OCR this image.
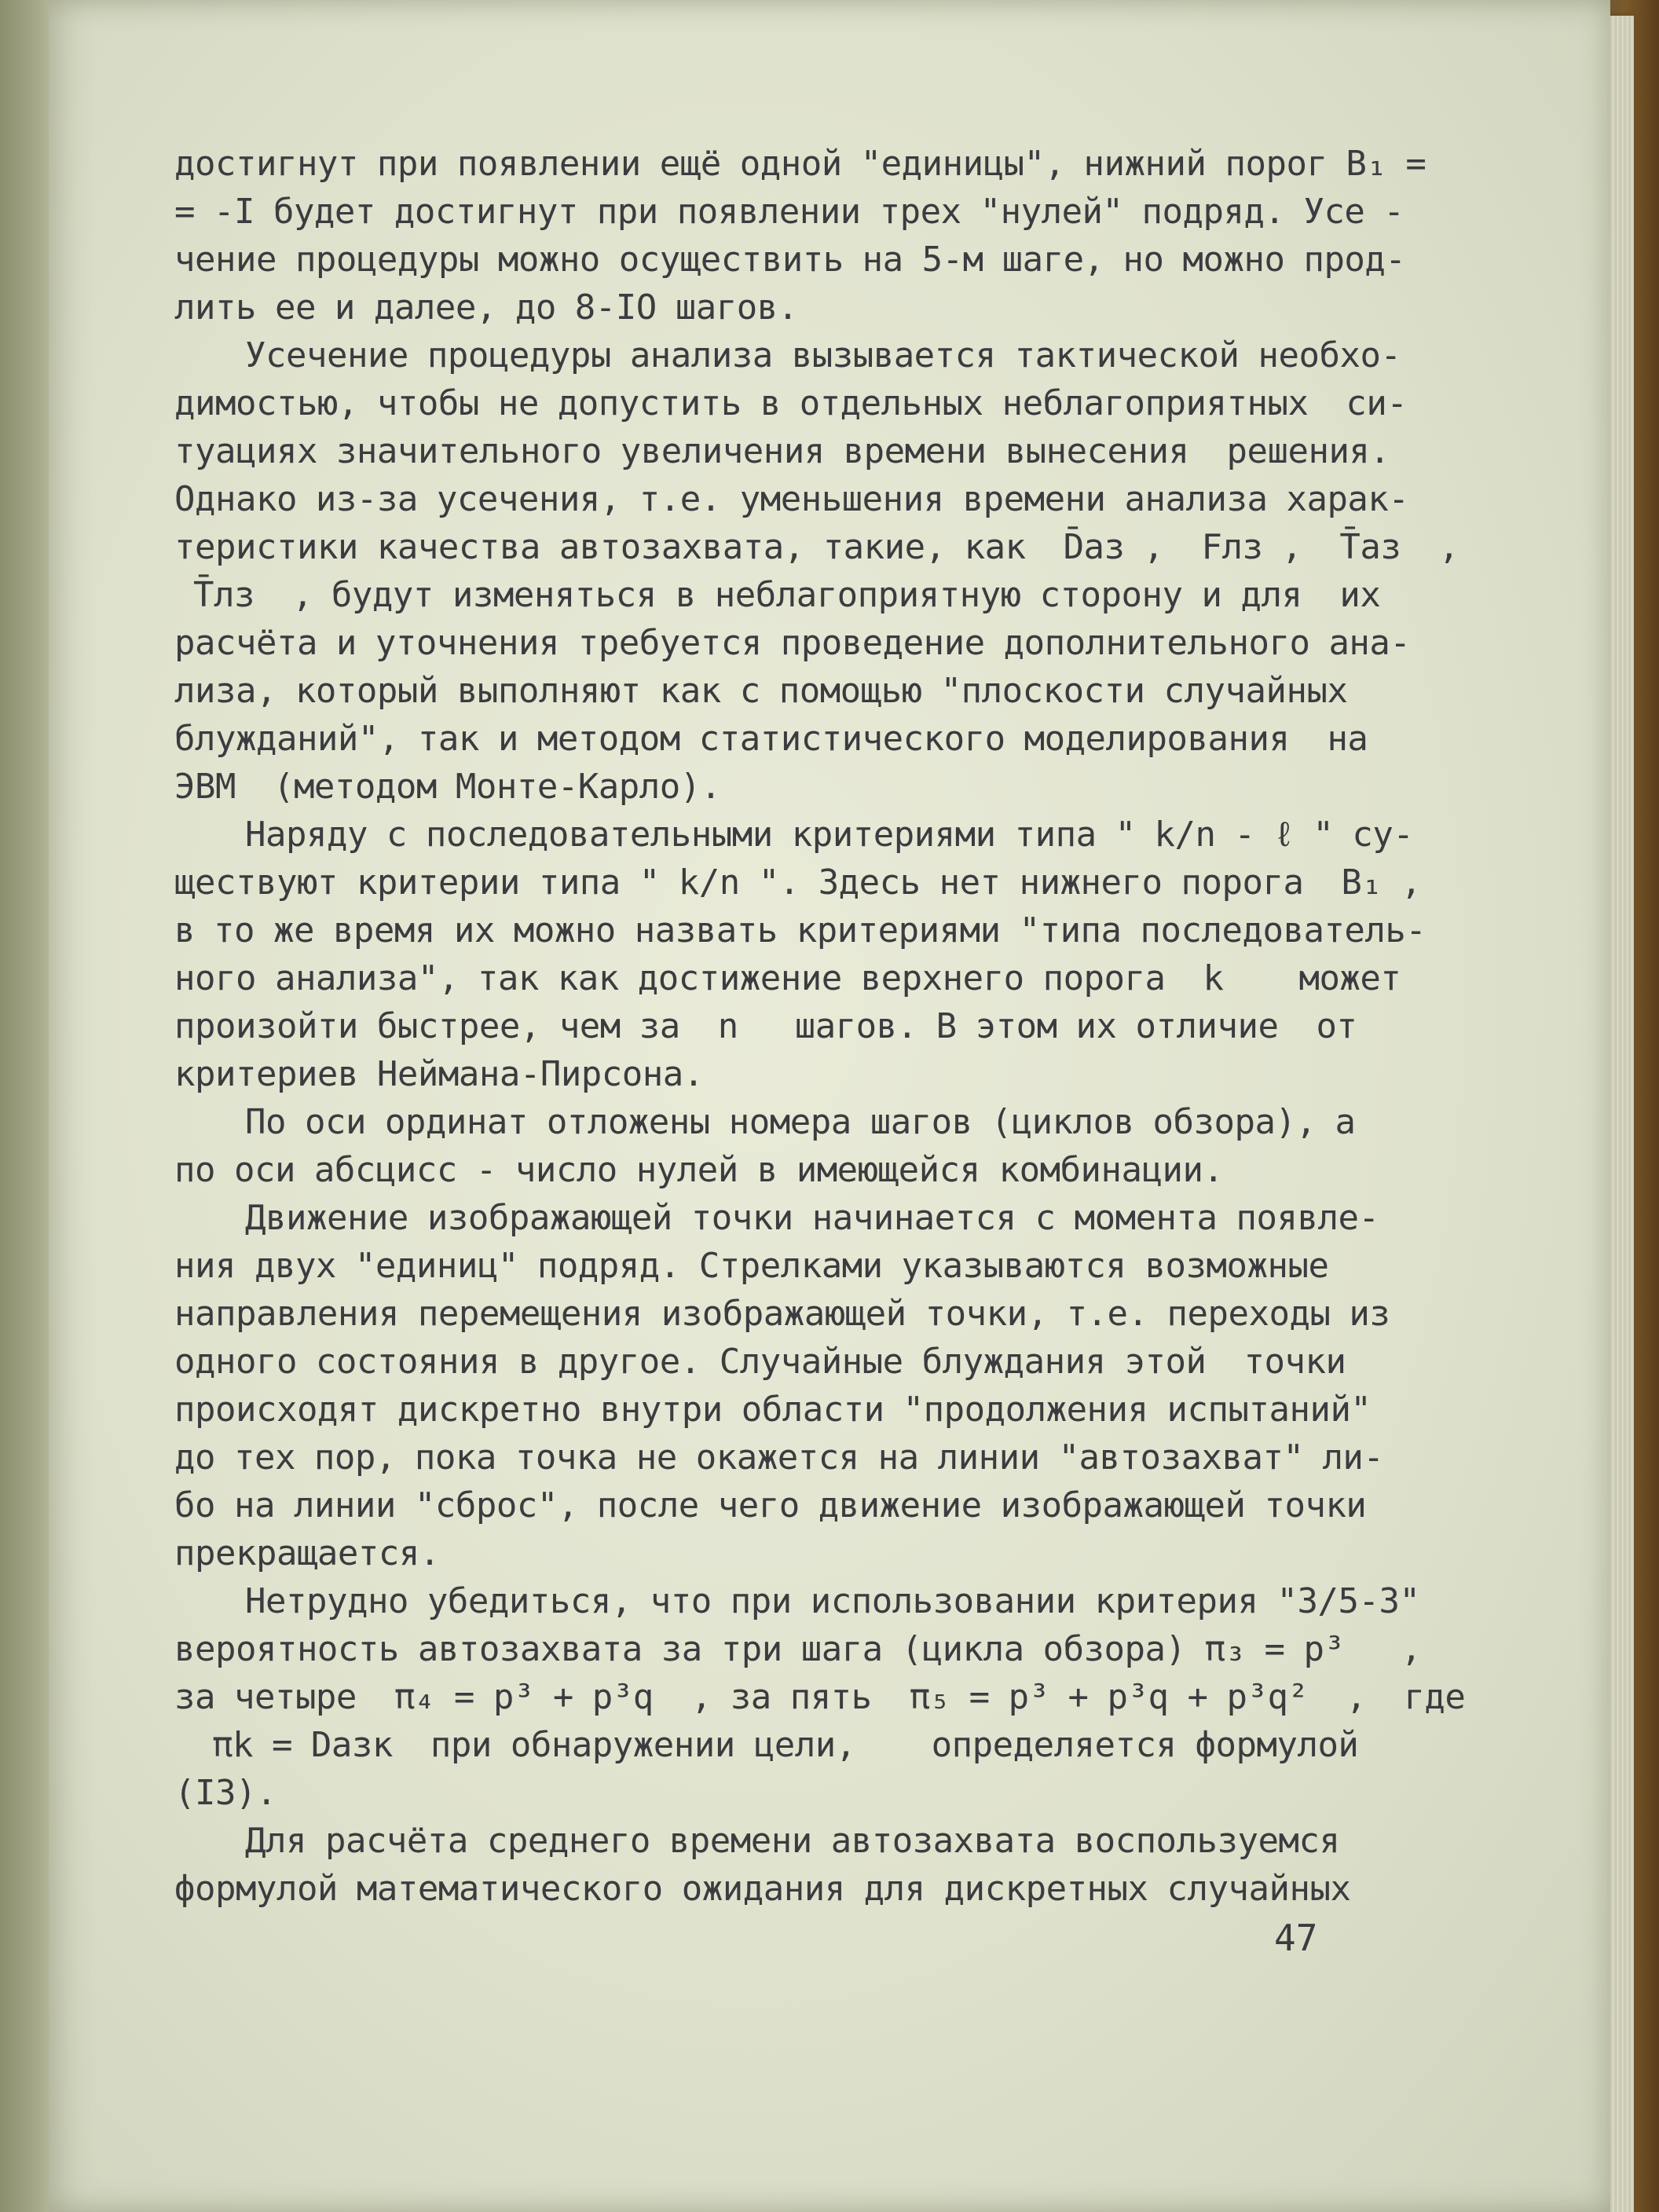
достигнут при появлении ещё одной "единицы", нижний порог B₁ =
= -I будет достигнут при появлении трех "нулей" подряд. Усе -
чение процедуры можно осуществить на 5-м шаге, но можно прод-
лить ее и далее, до 8-IO шагов.
Усечение процедуры анализа вызывается тактической необхо-
димостью, чтобы не допустить в отдельных неблагоприятных  си-
туациях значительного увеличения времени вынесения  решения.
Однако из-за усечения, т.е. уменьшения времени анализа харак-
теристики качества автозахвата, такие, как  D̄аз ,  Fлз ,  T̄аз  ,
T̄лз  , будут изменяться в неблагоприятную сторону и для  их
расчёта и уточнения требуется проведение дополнительного ана-
лиза, который выполняют как с помощью "плоскости случайных
блужданий", так и методом статистического моделирования  на
ЭВМ  (методом Монте-Карло).
Наряду с последовательными критериями типа " k/n - ℓ " су-
ществуют критерии типа " k/n ". Здесь нет нижнего порога  B₁ ,
в то же время их можно назвать критериями "типа последователь-
ного анализа", так как достижение верхнего порога  k    может
произойти быстрее, чем за  n   шагов. В этом их отличие  от
критериев Неймана-Пирсона.
По оси ординат отложены номера шагов (циклов обзора), а
по оси абсцисс - число нулей в имеющейся комбинации.
Движение изображающей точки начинается с момента появле-
ния двух "единиц" подряд. Стрелками указываются возможные
направления перемещения изображающей точки, т.е. переходы из
одного состояния в другое. Случайные блуждания этой  точки
происходят дискретно внутри области "продолжения испытаний"
до тех пор, пока точка не окажется на линии "автозахват" ли-
бо на линии "сброс", после чего движение изображающей точки
прекращается.
Нетрудно убедиться, что при использовании критерия "3/5-3"
вероятность автозахвата за три шага (цикла обзора) π₃ = p³   ,
за четыре  π₄ = p³ + p³q  , за пять  π₅ = p³ + p³q + p³q²  ,  где
πk = Dазк  при обнаружении цели,    определяется формулой
(I3).
Для расчёта среднего времени автозахвата воспользуемся
формулой математического ожидания для дискретных случайных
47
